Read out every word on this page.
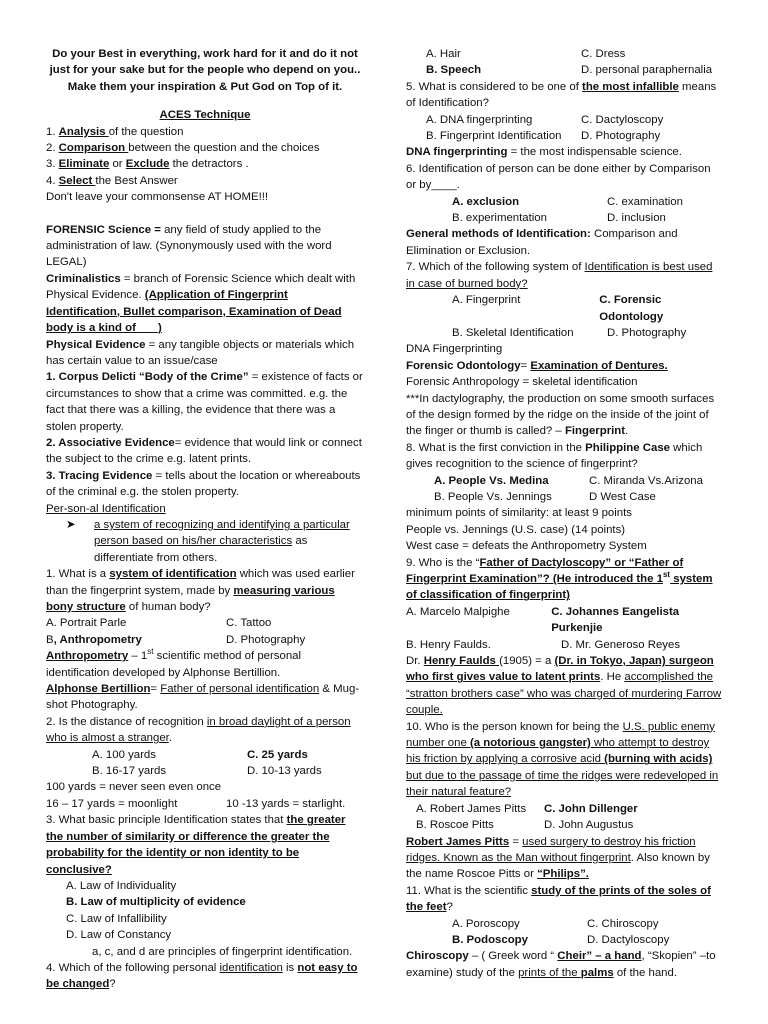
Do your Best in everything, work hard for it and do it not just for your sake but for the people who depend on you.. Make them your inspiration & Put God on Top of it.
ACES Technique
1. Analysis of the question
2. Comparison between the question and the choices
3. Eliminate or Exclude the detractors .
4. Select the Best Answer
Don't leave your commonsense AT HOME!!!
FORENSIC Science = any field of study applied to the administration of law. (Synonymously used with the word LEGAL)
Criminalistics = branch of Forensic Science which dealt with Physical Evidence. (Application of Fingerprint Identification, Bullet comparison, Examination of Dead body is a kind of ___)
Physical Evidence = any tangible objects or materials which has certain value to an issue/case
1. Corpus Delicti “Body of the Crime” = existence of facts or circumstances to show that a crime was committed. e.g. the fact that there was a killing, the evidence that there was a stolen property.
2. Associative Evidence= evidence that would link or connect the subject to the crime e.g. latent prints.
3. Tracing Evidence = tells about the location or whereabouts of the criminal e.g. the stolen property.
Per-son-al Identification
➤	a system of recognizing and identifying a particular person based on his/her characteristics as differentiate from others.
1. What is a system of identification which was used earlier than the fingerprint system, made by measuring various bony structure of human body?
A. Portrait Parle	C. Tattoo
B, Anthropometry	D. Photography
Anthropometry – 1st scientific method of personal identification developed by Alphonse Bertillion.
Alphonse Bertillion= Father of personal identification & Mug-shot Photography.
2. Is the distance of recognition in broad daylight of a person who is almost a stranger.
A. 100 yards	C. 25 yards
B. 16-17 yards	D. 10-13 yards
100 yards = never seen even once
16 – 17 yards = moonlight	10 -13 yards = starlight.
3. What basic principle Identification states that the greater the number of similarity or difference the greater the probability for the identity or non identity to be conclusive?
A. Law of Individuality
B. Law of multiplicity of evidence
C. Law of Infallibility
D. Law of Constancy
a, c, and d are principles of fingerprint identification.
4. Which of the following personal identification is not easy to be changed?
A. Hair	C. Dress
B. Speech	D. personal paraphernalia
5. What is considered to be one of the most infallible means of Identification?
A. DNA fingerprinting	C. Dactyloscopy
B. Fingerprint Identification	D. Photography
DNA fingerprinting = the most indispensable science.
6. Identification of person can be done either by Comparison or by____.
A. exclusion	C. examination
B. experimentation	D. inclusion
General methods of Identification: Comparison and Elimination or Exclusion.
7. Which of the following system of Identification is best used in case of burned body?
A. Fingerprint	C. Forensic Odontology
B. Skeletal Identification	D. Photography
DNA Fingerprinting
Forensic Odontology= Examination of Dentures.
Forensic Anthropology = skeletal identification
***In dactylography, the production on some smooth surfaces of the design formed by the ridge on the inside of the joint of the finger or thumb is called? – Fingerprint.
8. What is the first conviction in the Philippine Case which gives recognition to the science of fingerprint?
A. People Vs. Medina	C. Miranda Vs.Arizona
B. People Vs. Jennings	D West Case
minimum points of similarity: at least 9 points
People vs. Jennings (U.S. case) (14 points)
West case = defeats the Anthropometry System
9. Who is the “Father of Dactyloscopy” or “Father of Fingerprint Examination”? (He introduced the 1st system of classification of fingerprint)
A. Marcelo Malpighe	C. Johannes Eangelista Purkenjie
B. Henry Faulds.	D. Mr. Generoso Reyes
Dr. Henry Faulds (1905) = a (Dr. in Tokyo, Japan) surgeon who first gives value to latent prints. He accomplished the “stratton brothers case” who was charged of murdering Farrow couple.
10. Who is the person known for being the U.S. public enemy number one (a notorious gangster) who attempt to destroy his friction by applying a corrosive acid (burning with acids) but due to the passage of time the ridges were redeveloped in their natural feature?
A. Robert James Pitts	C. John Dillenger
B. Roscoe Pitts	D. John Augustus
Robert James Pitts = used surgery to destroy his friction ridges. Known as the Man without fingerprint. Also known by the name Roscoe Pitts or “Philips”.
11. What is the scientific study of the prints of the soles of the feet?
A. Poroscopy	C. Chiroscopy
B. Podoscopy	D. Dactyloscopy
Chiroscopy – ( Greek word “ Cheir” – a hand, “Skopien” –to examine) study of the prints of the palms of the hand.
